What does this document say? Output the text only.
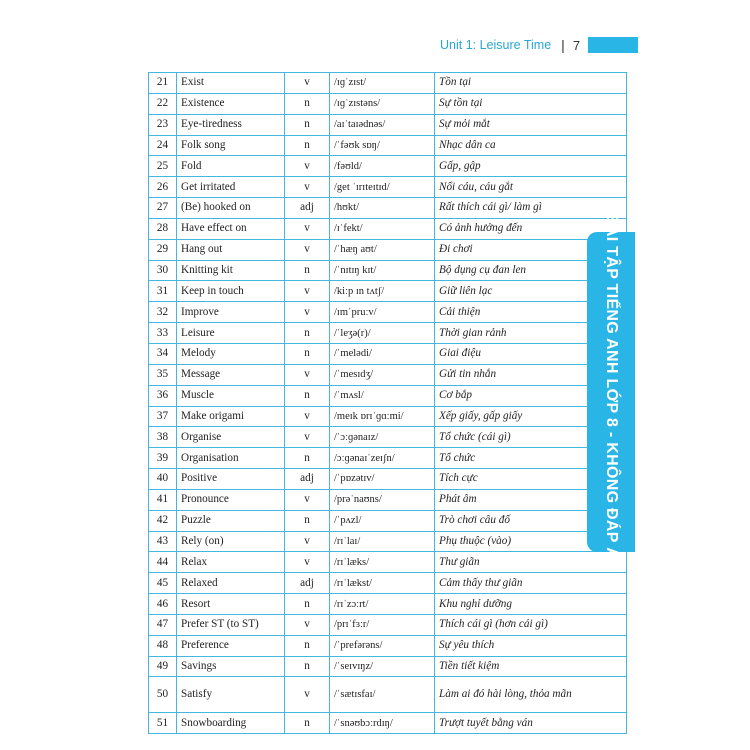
Unit 1: Leisure Time | 7
21	Exist	v	/ɪɡˈzɪst/	Tồn tại
22	Existence	n	/ɪɡˈzɪstəns/	Sự tồn tại
23	Eye-tiredness	n	/aɪˈtaɪədnəs/	Sự mỏi mắt
24	Folk song	n	/ˈfəʊk sɒŋ/	Nhạc dân ca
25	Fold	v	/fəʊld/	Gấp, gập
26	Get irritated	v	/get ˈɪrɪteɪtɪd/	Nổi cáu, cáu gắt
27	(Be) hooked on	adj	/hʊkt/	Rất thích cái gì/ làm gì
28	Have effect on	v	/ɪˈfekt/	Có ảnh hưởng đến
29	Hang out	v	/ˈhæŋ aʊt/	Đi chơi
30	Knitting kit	n	/ˈnɪtɪŋ kɪt/	Bộ dụng cụ đan len
31	Keep in touch	v	/kiːp ɪn tʌtʃ/	Giữ liên lạc
32	Improve	v	/ɪmˈpruːv/	Cải thiện
33	Leisure	n	/ˈleʒə(r)/	Thời gian rảnh
34	Melody	n	/ˈmelədi/	Giai điệu
35	Message	v	/ˈmesɪdʒ/	Gửi tin nhắn
36	Muscle	n	/ˈmʌsl/	Cơ bắp
37	Make origami	v	/meɪk ɒrɪˈɡɑːmi/	Xếp giấy, gấp giấy
38	Organise	v	/ˈɔːɡənaɪz/	Tổ chức (cái gì)
39	Organisation	n	/ɔːɡənaɪˈzeɪʃn/	Tổ chức
40	Positive	adj	/ˈpɒzətɪv/	Tích cực
41	Pronounce	v	/prəˈnaʊns/	Phát âm
42	Puzzle	n	/ˈpʌzl/	Trò chơi câu đố
43	Rely (on)	v	/rɪˈlaɪ/	Phụ thuộc (vào)
44	Relax	v	/rɪˈlæks/	Thư giãn
45	Relaxed	adj	/rɪˈlækst/	Cảm thấy thư giãn
46	Resort	n	/rɪˈzɔːrt/	Khu nghỉ dưỡng
47	Prefer ST (to ST)	v	/prɪˈfɜːr/	Thích cái gì (hơn cái gì)
48	Preference	n	/ˈprefərəns/	Sự yêu thích
49	Savings	n	/ˈseɪvɪŋz/	Tiền tiết kiệm
50	Satisfy	v	/ˈsætɪsfaɪ/	Làm ai đó hài lòng, thỏa mãn
51	Snowboarding	n	/ˈsnəʊbɔːrdɪŋ/	Trượt tuyết bằng ván
BÀI TẬP TIẾNG ANH LỚP 8 - KHÔNG ĐÁP ÁN
